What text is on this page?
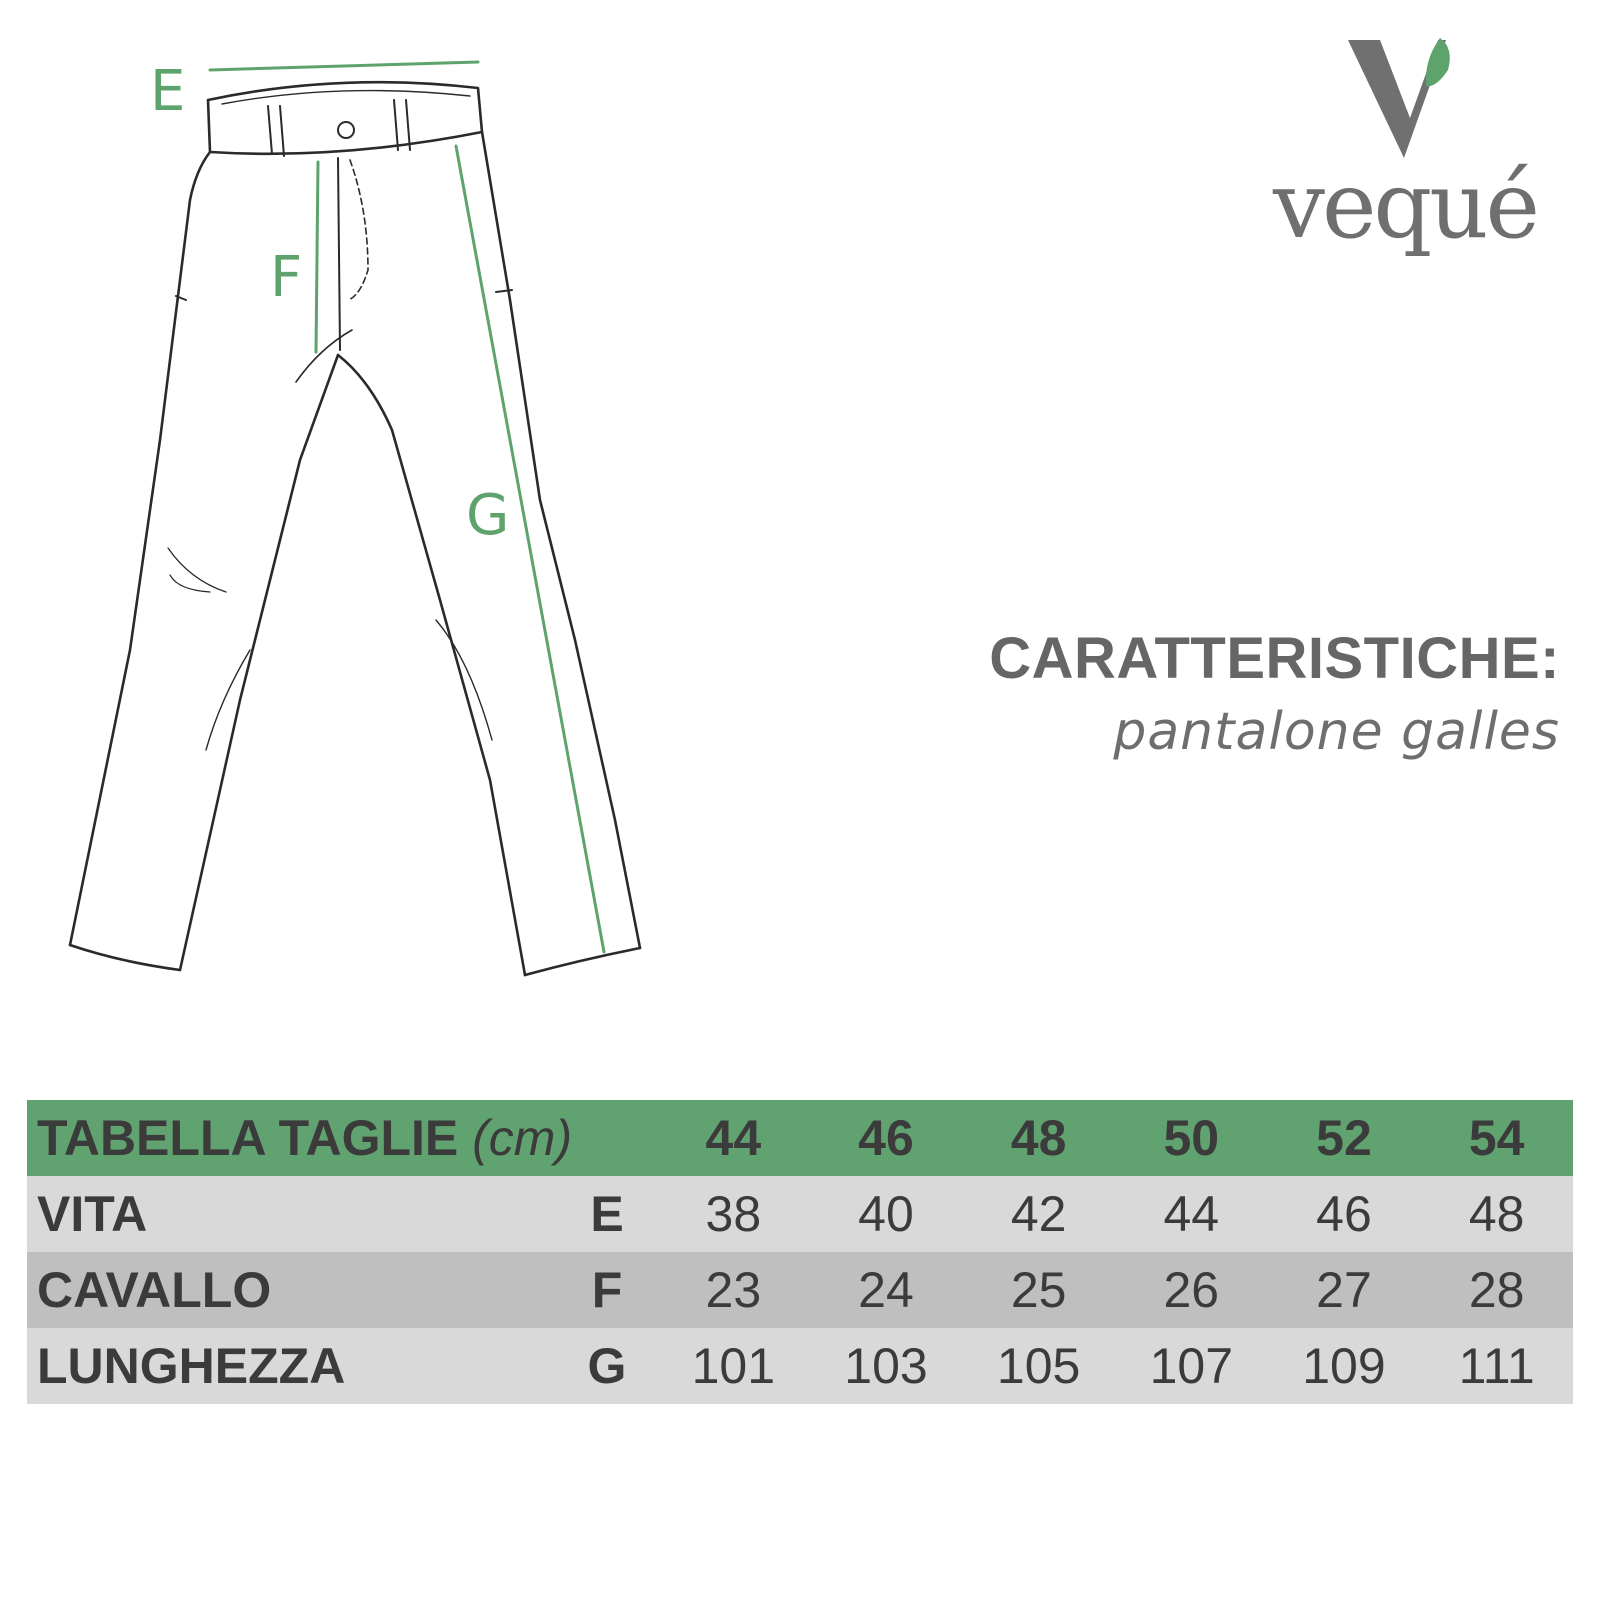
E
F
G
vequé
CARATTERISTICHE:
pantalone galles
TABELLA TAGLIE (cm)		44	46	48	50	52	54
VITA	E	38	40	42	44	46	48
CAVALLO	F	23	24	25	26	27	28
LUNGHEZZA	G	101	103	105	107	109	111
